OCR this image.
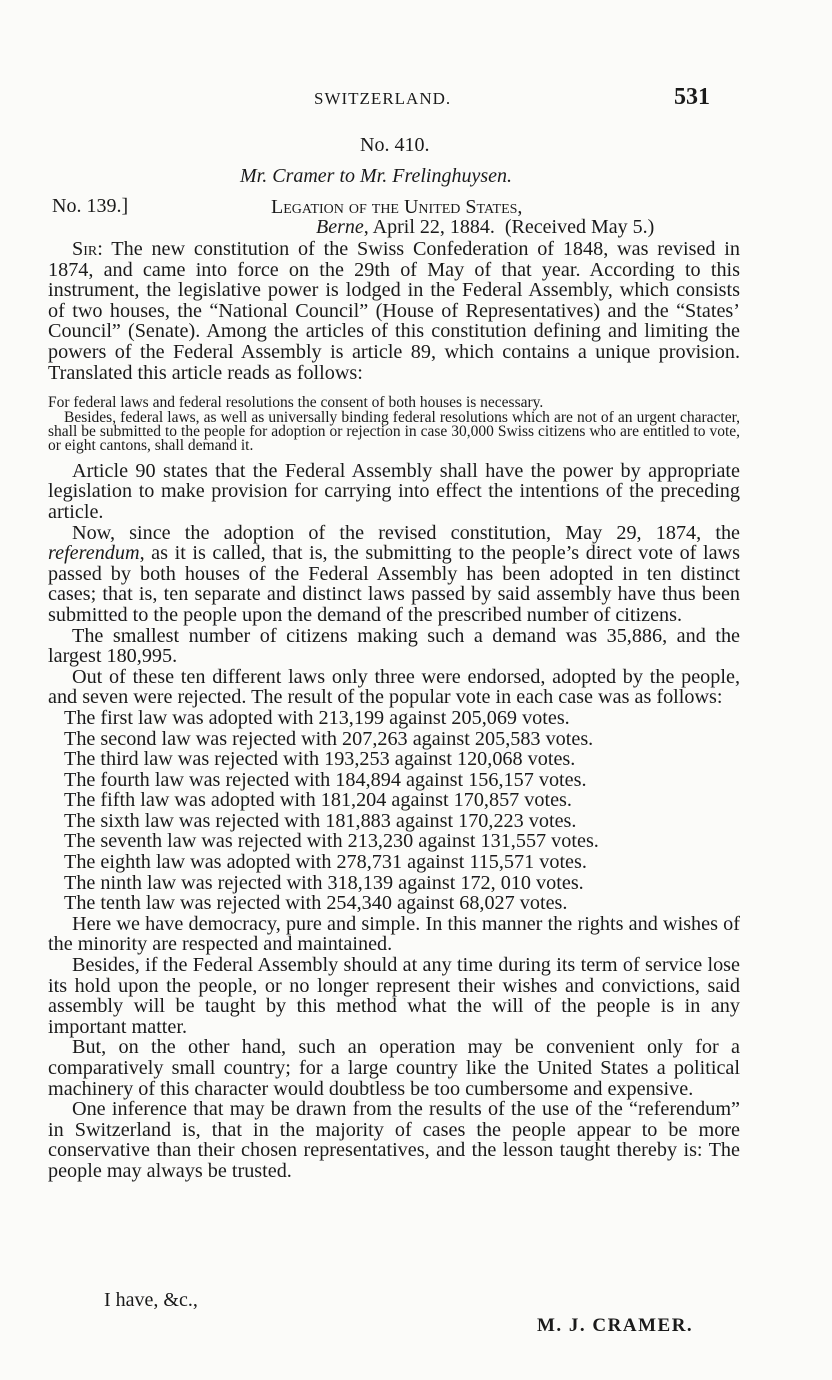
SWITZERLAND.	531
No. 410.
Mr. Cramer to Mr. Frelinghuysen.
No. 139.]	Legation of the United States,
Berne, April 22, 1884. (Received May 5.)

Sir: The new constitution of the Swiss Confederation of 1848, was revised in 1874, and came into force on the 29th of May of that year. According to this instrument, the legislative power is lodged in the Federal Assembly, which consists of two houses, the “National Council” (House of Representatives) and the “States’ Council” (Senate). Among the articles of this constitution defining and limiting the powers of the Federal Assembly is article 89, which contains a unique provision. Translated this article reads as follows:

For federal laws and federal resolutions the consent of both houses is necessary.

Besides, federal laws, as well as universally binding federal resolutions which are not of an urgent character, shall be submitted to the people for adoption or rejection in case 30,000 Swiss citizens who are entitled to vote, or eight cantons, shall demand it.

Article 90 states that the Federal Assembly shall have the power by appropriate legislation to make provision for carrying into effect the intentions of the preceding article.

Now, since the adoption of the revised constitution, May 29, 1874, the referendum, as it is called, that is, the submitting to the people’s direct vote of laws passed by both houses of the Federal Assembly has been adopted in ten distinct cases; that is, ten separate and distinct laws passed by said assembly have thus been submitted to the people upon the demand of the prescribed number of citizens.

The smallest number of citizens making such a demand was 35,886, and the largest 180,995.

Out of these ten different laws only three were endorsed, adopted by the people, and seven were rejected. The result of the popular vote in each case was as follows:

The first law was adopted with 213,199 against 205,069 votes.
The second law was rejected with 207,263 against 205,583 votes.
The third law was rejected with 193,253 against 120,068 votes.
The fourth law was rejected with 184,894 against 156,157 votes.
The fifth law was adopted with 181,204 against 170,857 votes.
The sixth law was rejected with 181,883 against 170,223 votes.
The seventh law was rejected with 213,230 against 131,557 votes.
The eighth law was adopted with 278,731 against 115,571 votes.
The ninth law was rejected with 318,139 against 172, 010 votes.
The tenth law was rejected with 254,340 against 68,027 votes.

Here we have democracy, pure and simple. In this manner the rights and wishes of the minority are respected and maintained.

Besides, if the Federal Assembly should at any time during its term of service lose its hold upon the people, or no longer represent their wishes and convictions, said assembly will be taught by this method what the will of the people is in any important matter.

But, on the other hand, such an operation may be convenient only for a comparatively small country; for a large country like the United States a political machinery of this character would doubtless be too cumbersome and expensive.

One inference that may be drawn from the results of the use of the “referendum” in Switzerland is, that in the majority of cases the people appear to be more conservative than their chosen representatives, and the lesson taught thereby is: The people may always be trusted.

I have, &c.,
M. J. CRAMER.
